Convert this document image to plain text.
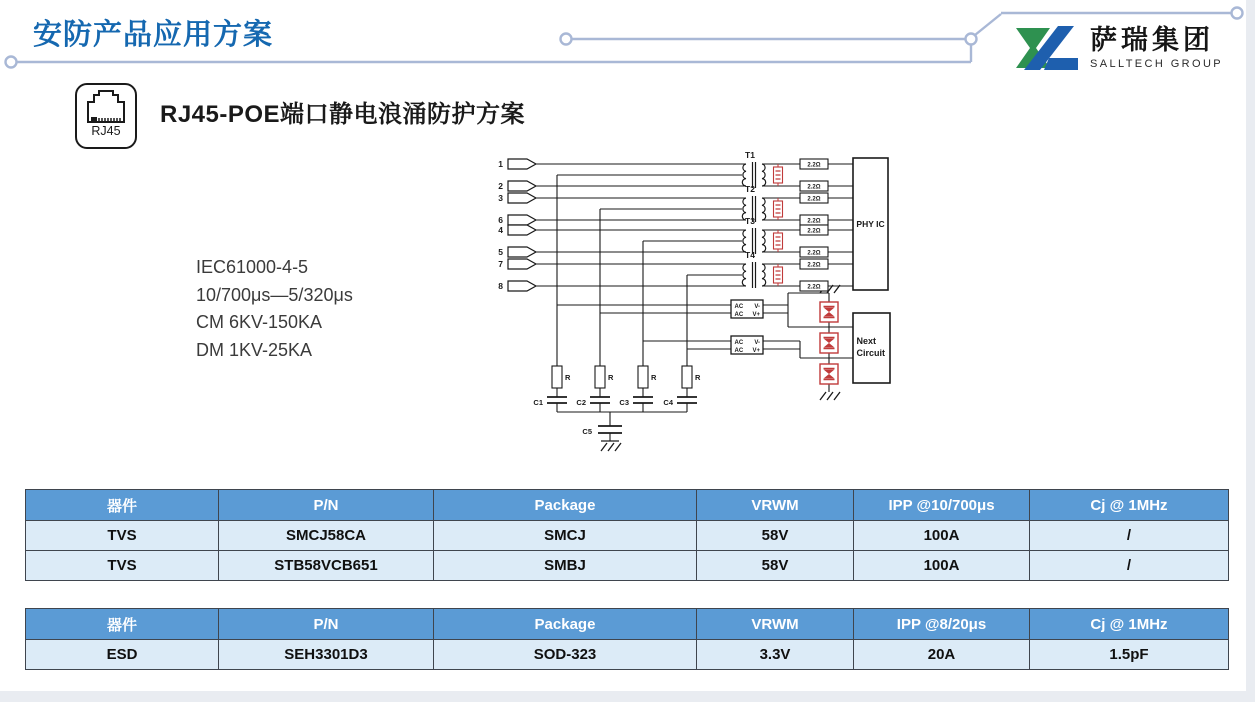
安防产品应用方案	萨瑞集团
SALLTECH GROUP
RJ45
RJ45-POE端口静电浪涌防护方案
IEC61000-4-5
10/700μs—5/320μs
CM 6KV-150KA
DM 1KV-25KA
1
2
3
6
4
5
7
8
T1
T2
T3
T4
2.2Ω
2.2Ω
2.2Ω
2.2Ω
2.2Ω
2.2Ω
2.2Ω
2.2Ω
PHY IC
AC
AC
V-
V+
AC
AC
V-
V+
Next
Circuit
R	R	R	R
C1	C2	C3	C4
C5
器件	P/N	Package	VRWM	IPP @10/700μs	Cj @ 1MHz
TVS	SMCJ58CA	SMCJ	58V	100A	/
TVS	STB58VCB651	SMBJ	58V	100A	/
器件	P/N	Package	VRWM	IPP @8/20μs	Cj @ 1MHz
ESD	SEH3301D3	SOD-323	3.3V	20A	1.5pF
